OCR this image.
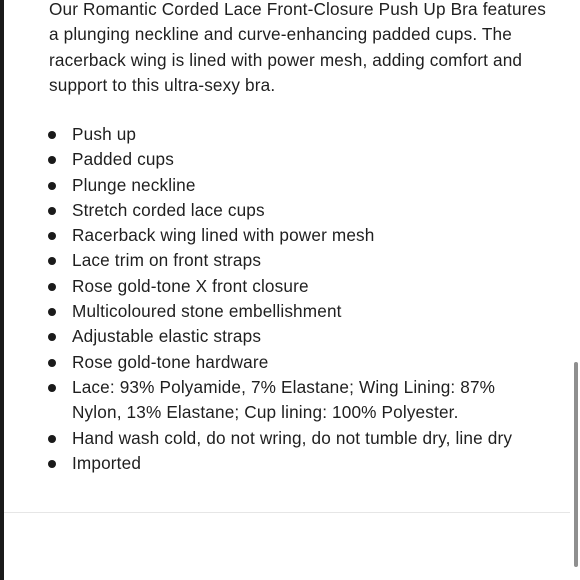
Our Romantic Corded Lace Front-Closure Push Up Bra features a plunging neckline and curve-enhancing padded cups. The racerback wing is lined with power mesh, adding comfort and support to this ultra-sexy bra.

Push up
Padded cups
Plunge neckline
Stretch corded lace cups
Racerback wing lined with power mesh
Lace trim on front straps
Rose gold-tone X front closure
Multicoloured stone embellishment
Adjustable elastic straps
Rose gold-tone hardware
Lace: 93% Polyamide, 7% Elastane; Wing Lining: 87% Nylon, 13% Elastane; Cup lining: 100% Polyester.
Hand wash cold, do not wring, do not tumble dry, line dry
Imported
